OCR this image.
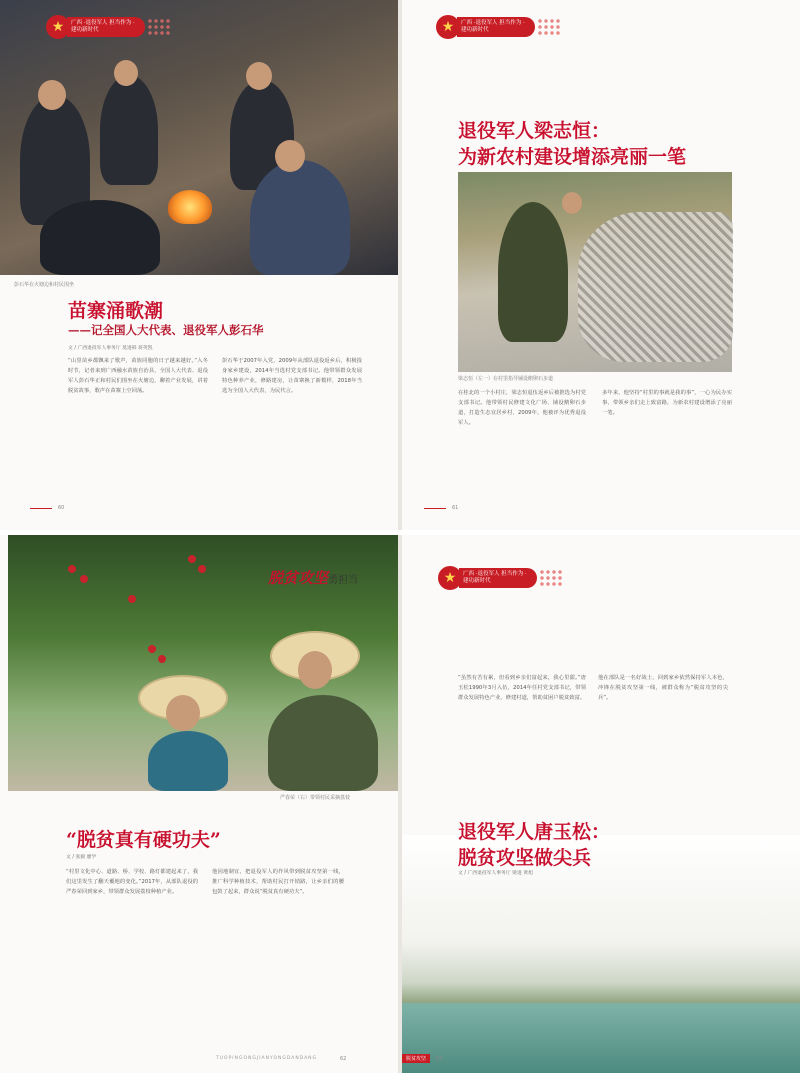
★	广西 ·退役军人 担当作为 · 建功新时代
彭石华在火塘边和村民围坐
苗寨涌歌潮
——记全国人大代表、退役军人彭石华
文 / 广西退役军人事务厅 莫进韩 蒋英凯
“山里苗乡都飘来了歌声，苗族同胞的日子越来越好。”入冬时节，记者来到广西融水苗族自治县，全国人大代表、退役军人彭石华正和村民们围坐在火塘边，聊着产业发展，讲着脱贫故事，歌声在苗寨上空回荡。
彭石华于2007年入党，2009年从部队退役返乡后，积极投身家乡建设，2014年当选村党支部书记。他带领群众发展特色种养产业，修路建房，让苗寨换了新模样，2018年当选为全国人大代表，为民代言。
60
★	广西 ·退役军人 担当作为 · 建功新时代
退役军人梁志恒：
为新农村建设增添亮丽一笔
梁志恒（左一）在村里指导铺设鹅卵石步道
在桂北的一个小村庄，梁志恒退伍返乡后被推选为村党支部书记。他带领村民修建文化广场、铺设鹅卵石步道，打造生态宜居乡村，2009年，他被评为优秀退役军人。
多年来，他坚持“村里的事就是我的事”，一心为民办实事，带领乡亲们走上致富路，为新农村建设增添了亮丽一笔。
61
严春荣（右）带领村民采摘荔枝
“脱贫真有硬功夫”
文 / 张毅 廖学
“村里文化中心、道路、桥、学校、路灯都建起来了，我们这里发生了翻天覆地的变化。”2017年，从部队退役的严春荣回到家乡，带领群众发展荔枝种植产业。
他因地制宜，把退役军人的作风带到脱贫攻坚第一线，推广科学种植技术，帮助村民打开销路，让乡亲们的腰包鼓了起来，群众说“脱贫真有硬功夫”。
TUOPINGONGJIANYONGDANDANG	62
脱贫攻坚勇担当	★	广西 ·退役军人 担当作为 · 建功新时代
“虽然有苦有累，但看到乡亲们富起来，我心里甜。”唐玉松1990年3月入伍，2014年任村党支部书记，带领群众发展特色产业，修建村道，帮助贫困户脱贫致富。
他在部队是一名好战士，回到家乡依然保持军人本色，冲锋在脱贫攻坚第一线，被群众称为“脱贫攻坚的尖兵”。
退役军人唐玉松：
脱贫攻坚做尖兵
文 / 广西退役军人事务厅 梁进 黄旭
脱贫攻坚	63
